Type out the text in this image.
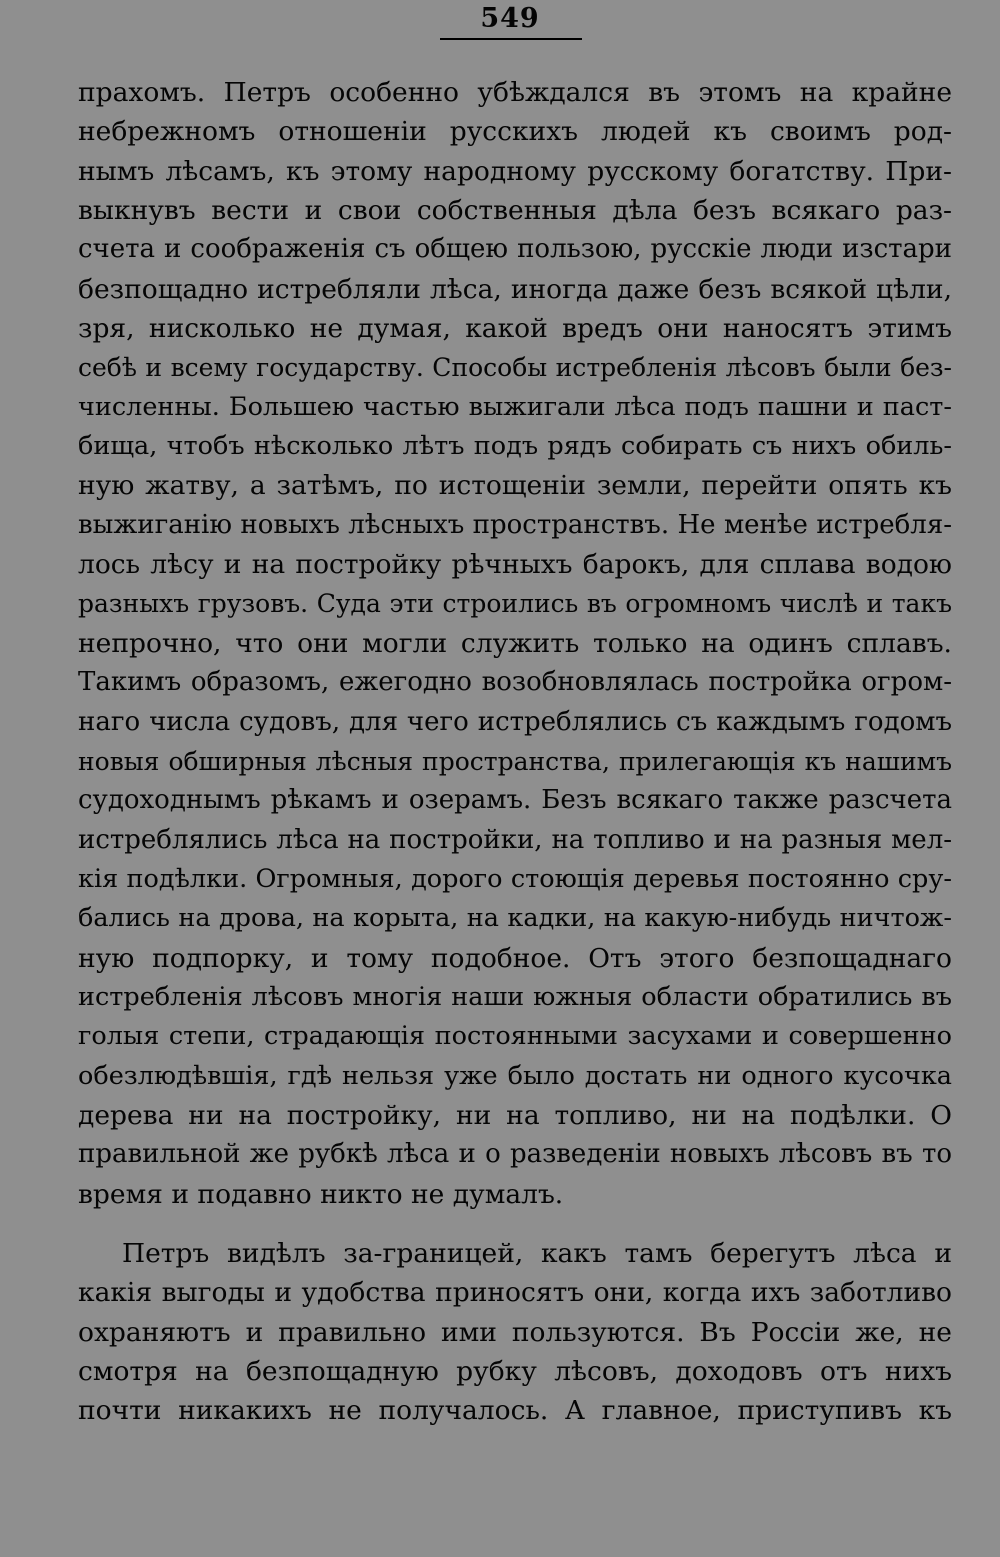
549
прахомъ. Петръ особенно убѣждался въ этомъ на крайне
небрежномъ отношенiи русскихъ людей къ своимъ род-
нымъ лѣсамъ, къ этому народному русскому богатству. При-
выкнувъ вести и свои собственныя дѣла безъ всякаго раз-
счета и соображенiя съ общею пользою, русскiе люди изстари
безпощадно истребляли лѣса, иногда даже безъ всякой цѣли,
зря, нисколько не думая, какой вредъ они наносятъ этимъ
себѣ и всему государству. Способы истребленiя лѣсовъ были без-
численны. Большею частью выжигали лѣса подъ пашни и паст-
бища, чтобъ нѣсколько лѣтъ подъ рядъ собирать съ нихъ обиль-
ную жатву, а затѣмъ, по истощенiи земли, перейти опять къ
выжиганiю новыхъ лѣсныхъ пространствъ. Не менѣе истребля-
лось лѣсу и на постройку рѣчныхъ барокъ, для сплава водою
разныхъ грузовъ. Суда эти строились въ огромномъ числѣ и такъ
непрочно, что они могли служить только на одинъ сплавъ.
Такимъ образомъ, ежегодно возобновлялась постройка огром-
наго числа судовъ, для чего истреблялись съ каждымъ годомъ
новыя обширныя лѣсныя пространства, прилегающiя къ нашимъ
судоходнымъ рѣкамъ и озерамъ. Безъ всякаго также разсчета
истреблялись лѣса на постройки, на топливо и на разныя мел-
кiя подѣлки. Огромныя, дорого стоющiя деревья постоянно сру-
бались на дрова, на корыта, на кадки, на какую-нибудь ничтож-
ную подпорку, и тому подобное. Отъ этого безпощаднаго
истребленiя лѣсовъ многiя наши южныя области обратились въ
голыя степи, страдающiя постоянными засухами и совершенно
обезлюдѣвшiя, гдѣ нельзя уже было достать ни одного кусочка
дерева ни на постройку, ни на топливо, ни на подѣлки. О
правильной же рубкѣ лѣса и о разведенiи новыхъ лѣсовъ въ то
время и подавно никто не думалъ.
Петръ видѣлъ за-границей, какъ тамъ берегутъ лѣса и
какiя выгоды и удобства приносятъ они, когда ихъ заботливо
охраняютъ и правильно ими пользуются. Въ Россiи же, не
смотря на безпощадную рубку лѣсовъ, доходовъ отъ нихъ
почти никакихъ не получалось. А главное, приступивъ къ
